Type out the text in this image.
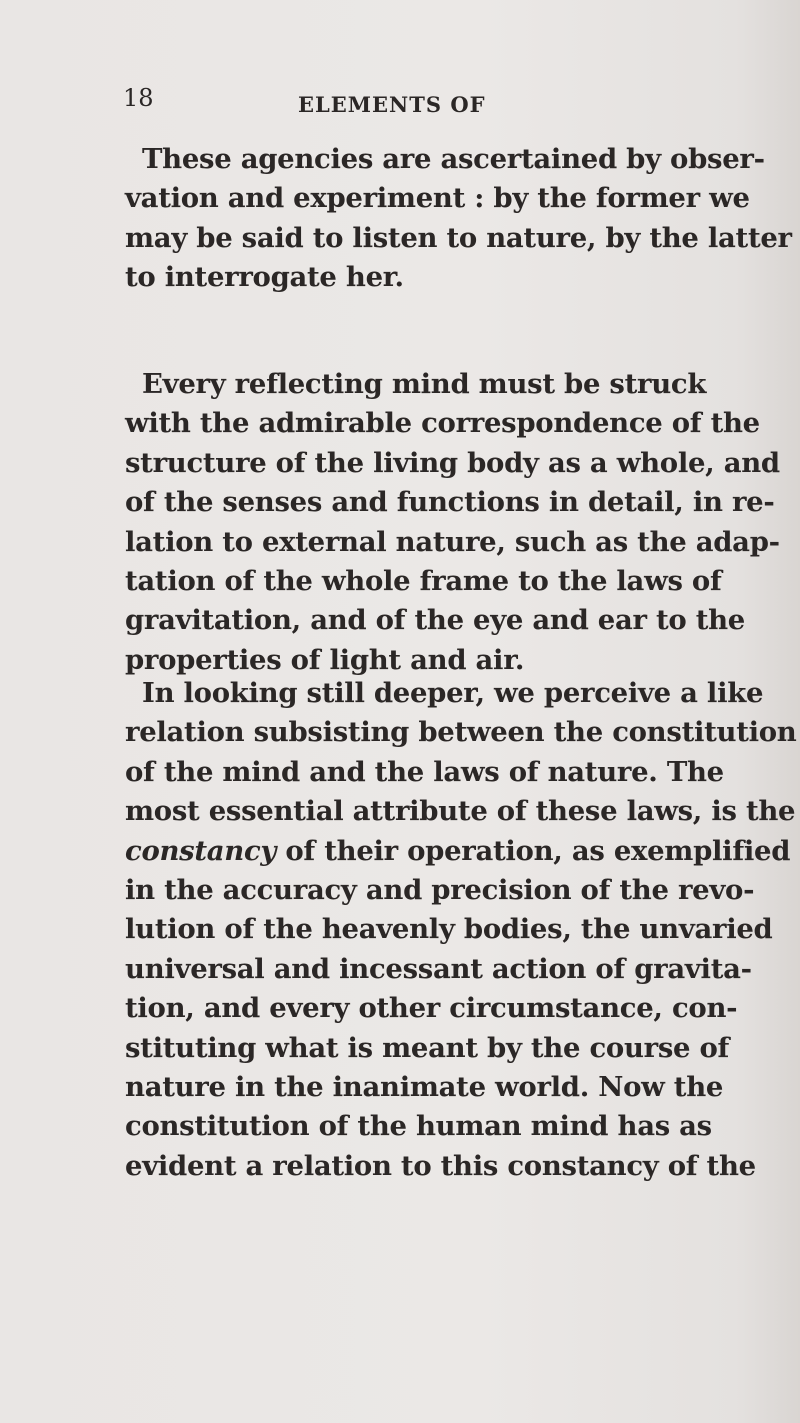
18	ELEMENTS OF
These agencies are ascertained by obser-
vation and experiment : by the former we
may be said to listen to nature, by the latter
to interrogate her.
Every reflecting mind must be struck
with the admirable correspondence of the
structure of the living body as a whole, and
of the senses and functions in detail, in re-
lation to external nature, such as the adap-
tation of the whole frame to the laws of
gravitation, and of the eye and ear to the
properties of light and air.
In looking still deeper, we perceive a like
relation subsisting between the constitution
of the mind and the laws of nature. The
most essential attribute of these laws, is the
constancy of their operation, as exemplified
in the accuracy and precision of the revo-
lution of the heavenly bodies, the unvaried
universal and incessant action of gravita-
tion, and every other circumstance, con-
stituting what is meant by the course of
nature in the inanimate world. Now the
constitution of the human mind has as
evident a relation to this constancy of the
